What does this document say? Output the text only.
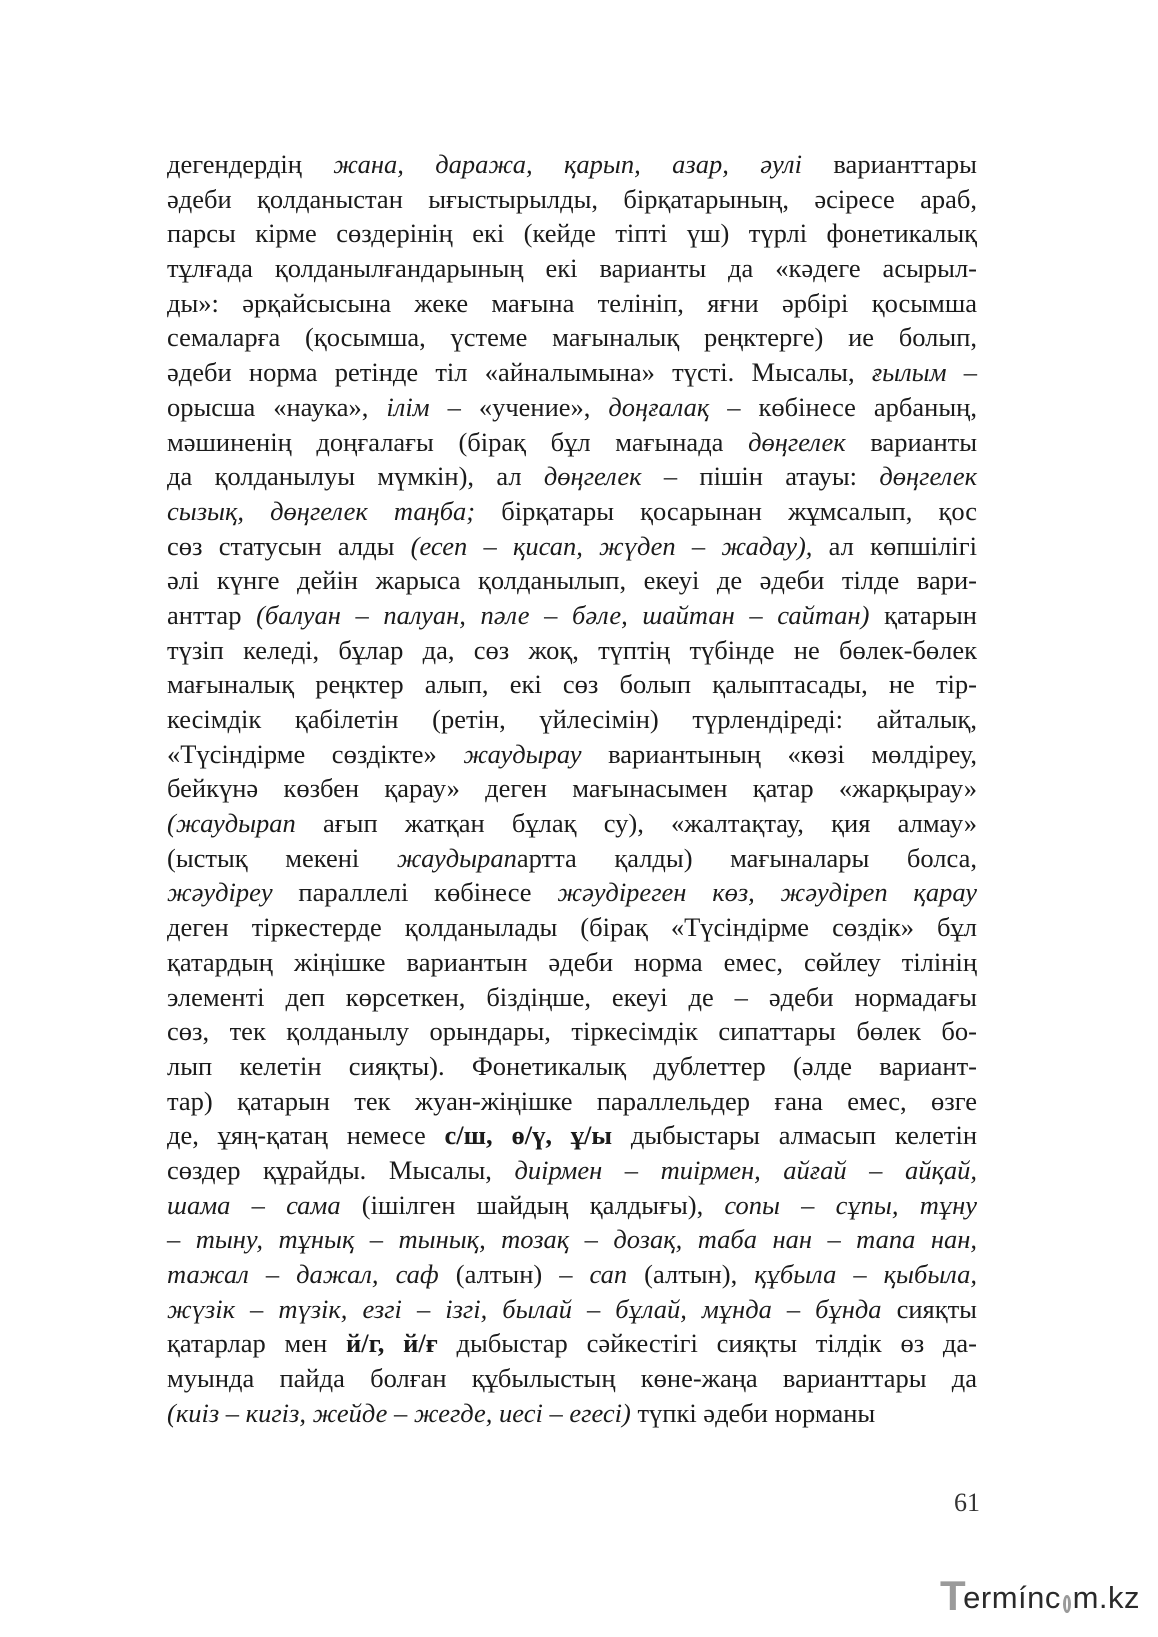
дегендердің жана, даража, қарып, азар, әулі варианттары
әдеби қолданыстан ығыстырылды, бірқатарының, әсіресе араб,
парсы кірме сөздерінің екі (кейде тіпті үш) түрлі фонетикалық
тұлғада қолданылғандарының екі варианты да «кәдеге асырыл-
ды»: әрқайсысына жеке мағына телініп, яғни әрбірі қосымша
семаларға (қосымша, үстеме мағыналық реңктерге) ие болып,
әдеби норма ретінде тіл «айналымына» түсті. Мысалы, ғылым –
орысша «наука», ілім – «учение», доңғалақ – көбінесе арбаның,
мәшиненің доңғалағы (бірақ бұл мағынада дөңгелек варианты
да қолданылуы мүмкін), ал дөңгелек – пішін атауы: дөңгелек
сызық, дөңгелек таңба; бірқатары қосарынан жұмсалып, қос
сөз статусын алды (есеп – қисап, жүдеп – жадау), ал көпшілігі
әлі күнге дейін жарыса қолданылып, екеуі де әдеби тілде вари-
анттар (балуан – палуан, пәле – бәле, шайтан – сайтан) қатарын
түзіп келеді, бұлар да, сөз жоқ, түптің түбінде не бөлек-бөлек
мағыналық реңктер алып, екі сөз болып қалыптасады, не тір-
кесімдік қабілетін (ретін, үйлесімін) түрлендіреді: айталық,
«Түсіндірме сөздікте» жаудырау вариантының «көзі мөлдіреу,
бейкүнә көзбен қарау» деген мағынасымен қатар «жарқырау»
(жаудырап ағып жатқан бұлақ су), «жалтақтау, қия алмау»
(ыстық мекені жаудырапартта қалды) мағыналары болса,
жәудіреу параллелі көбінесе жәудіреген көз, жәудіреп қарау
деген тіркестерде қолданылады (бірақ «Түсіндірме сөздік» бұл
қатардың жіңішке вариантын әдеби норма емес, сөйлеу тілінің
элементі деп көрсеткен, біздіңше, екеуі де – әдеби нормадағы
сөз, тек қолданылу орындары, тіркесімдік сипаттары бөлек бо-
лып келетін сияқты). Фонетикалық дублеттер (әлде вариант-
тар) қатарын тек жуан-жіңішке параллельдер ғана емес, өзге
де, ұяң-қатаң немесе с/ш, ө/ү, ұ/ы дыбыстары алмасып келетін
сөздер құрайды. Мысалы, диірмен – тиірмен, айғай – айқай,
шама – сама (ішілген шайдың қалдығы), сопы – сұпы, тұну
– тыну, тұнық – тынық, тозақ – дозақ, таба нан – тапа нан,
тажал – дажал, саф (алтын) – сап (алтын), құбыла – қыбыла,
жүзік – түзік, езгі – ізгі, былай – бұлай, мұнда – бұнда сияқты
қатарлар мен й/г, й/ғ дыбыстар сәйкестігі сияқты тілдік өз да-
муында пайда болған құбылыстың көне-жаңа варианттары да
(киіз – кигіз, жейде – жегде, иесі – егесі) түпкі әдеби норманы
61
T
ermínc m.kz
